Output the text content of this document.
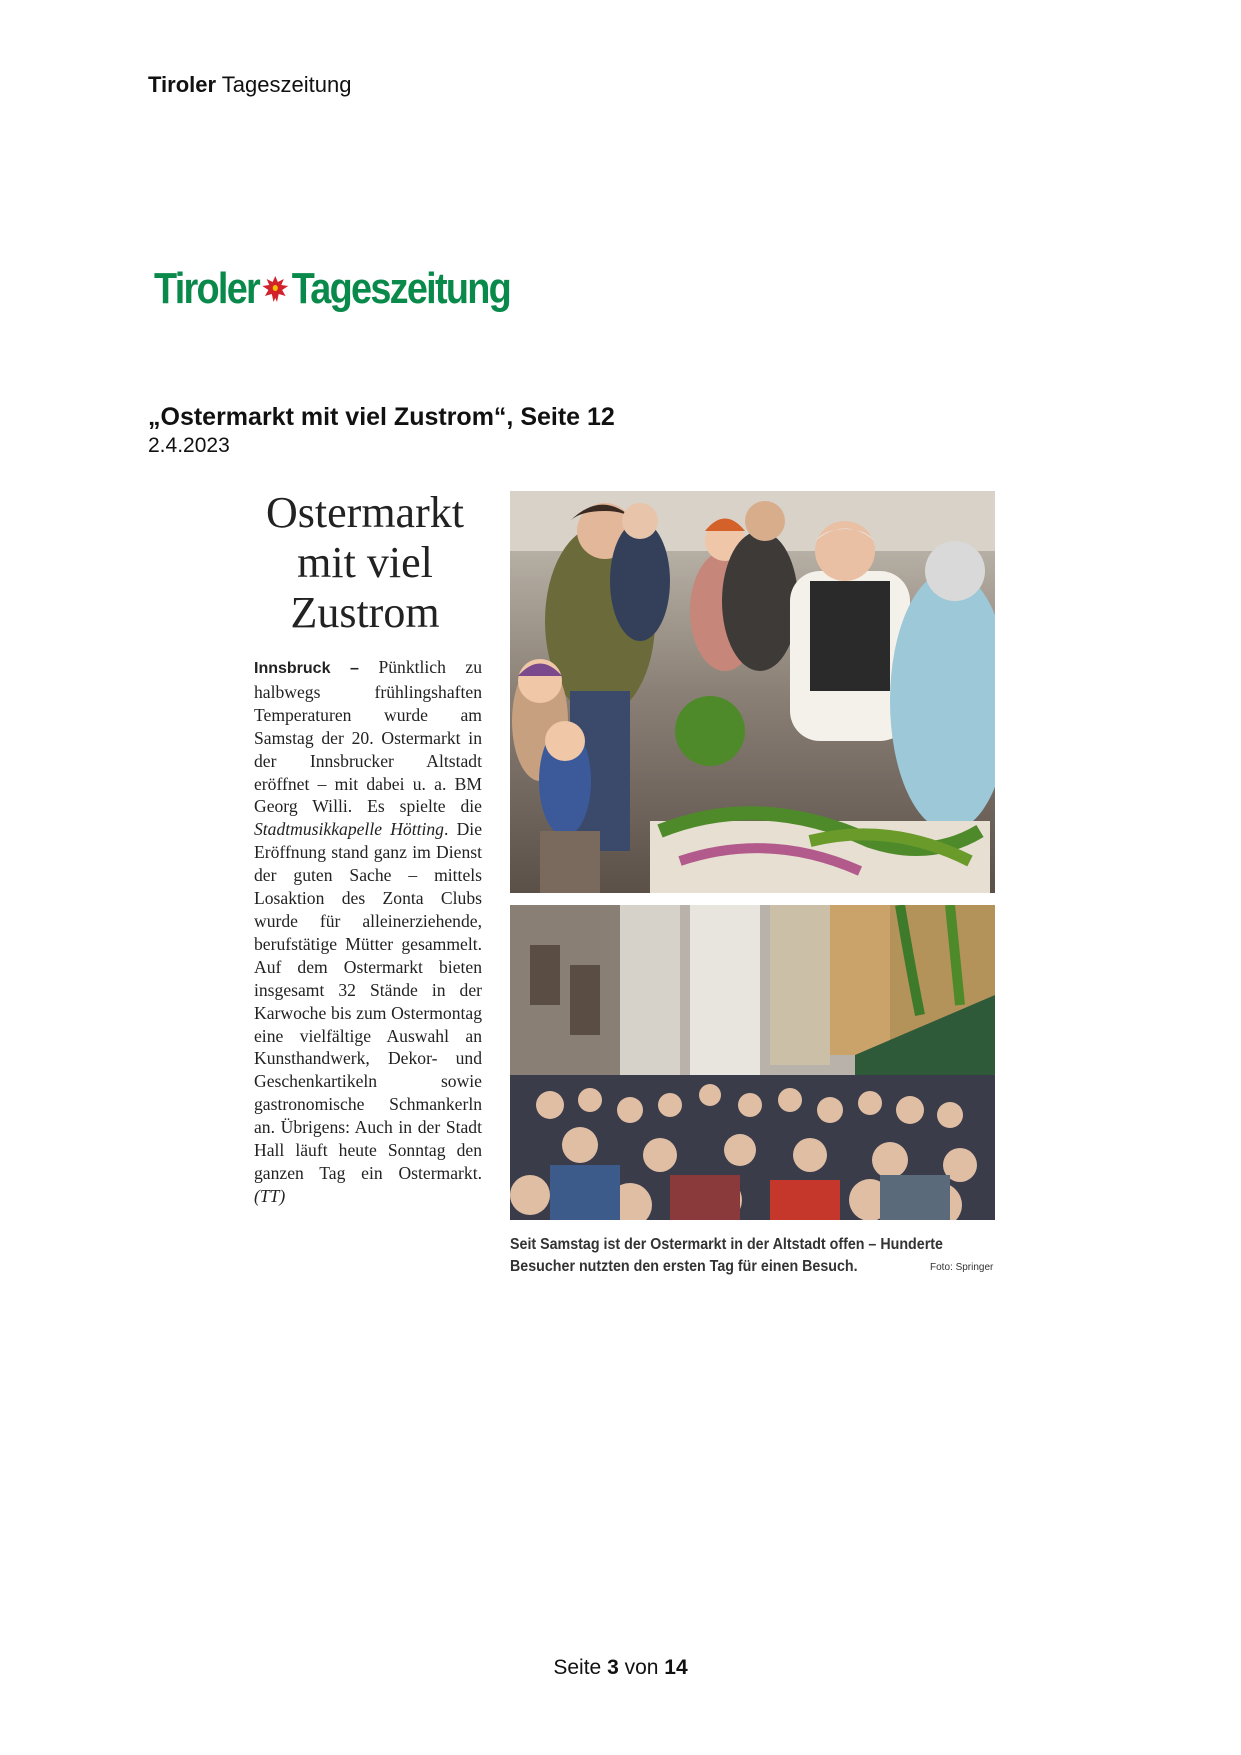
Tiroler Tageszeitung
Tiroler Tageszeitung
„Ostermarkt mit viel Zustrom“, Seite 12
2.4.2023
Ostermarkt
mit viel
Zustrom
Innsbruck – Pünktlich zu halbwegs frühlingshaften Temperaturen wurde am Samstag der 20. Ostermarkt in der Innsbrucker Altstadt eröffnet – mit dabei u. a. BM Georg Willi. Es spielte die Stadtmusikkapelle Hötting. Die Eröffnung stand ganz im Dienst der guten Sache – mittels Losaktion des Zonta Clubs wurde für alleinerziehende, berufstätige Mütter gesammelt. Auf dem Ostermarkt bieten insgesamt 32 Stände in der Karwoche bis zum Ostermontag eine vielfältige Auswahl an Kunsthandwerk, Dekor- und Geschenkartikeln sowie gastronomische Schmankerln an. Übrigens: Auch in der Stadt Hall läuft heute Sonntag den ganzen Tag ein Ostermarkt. (TT)
Seit Samstag ist der Ostermarkt in der Altstadt offen – Hunderte Besucher nutzten den ersten Tag für einen Besuch.	Foto: Springer
Seite 3 von 14
